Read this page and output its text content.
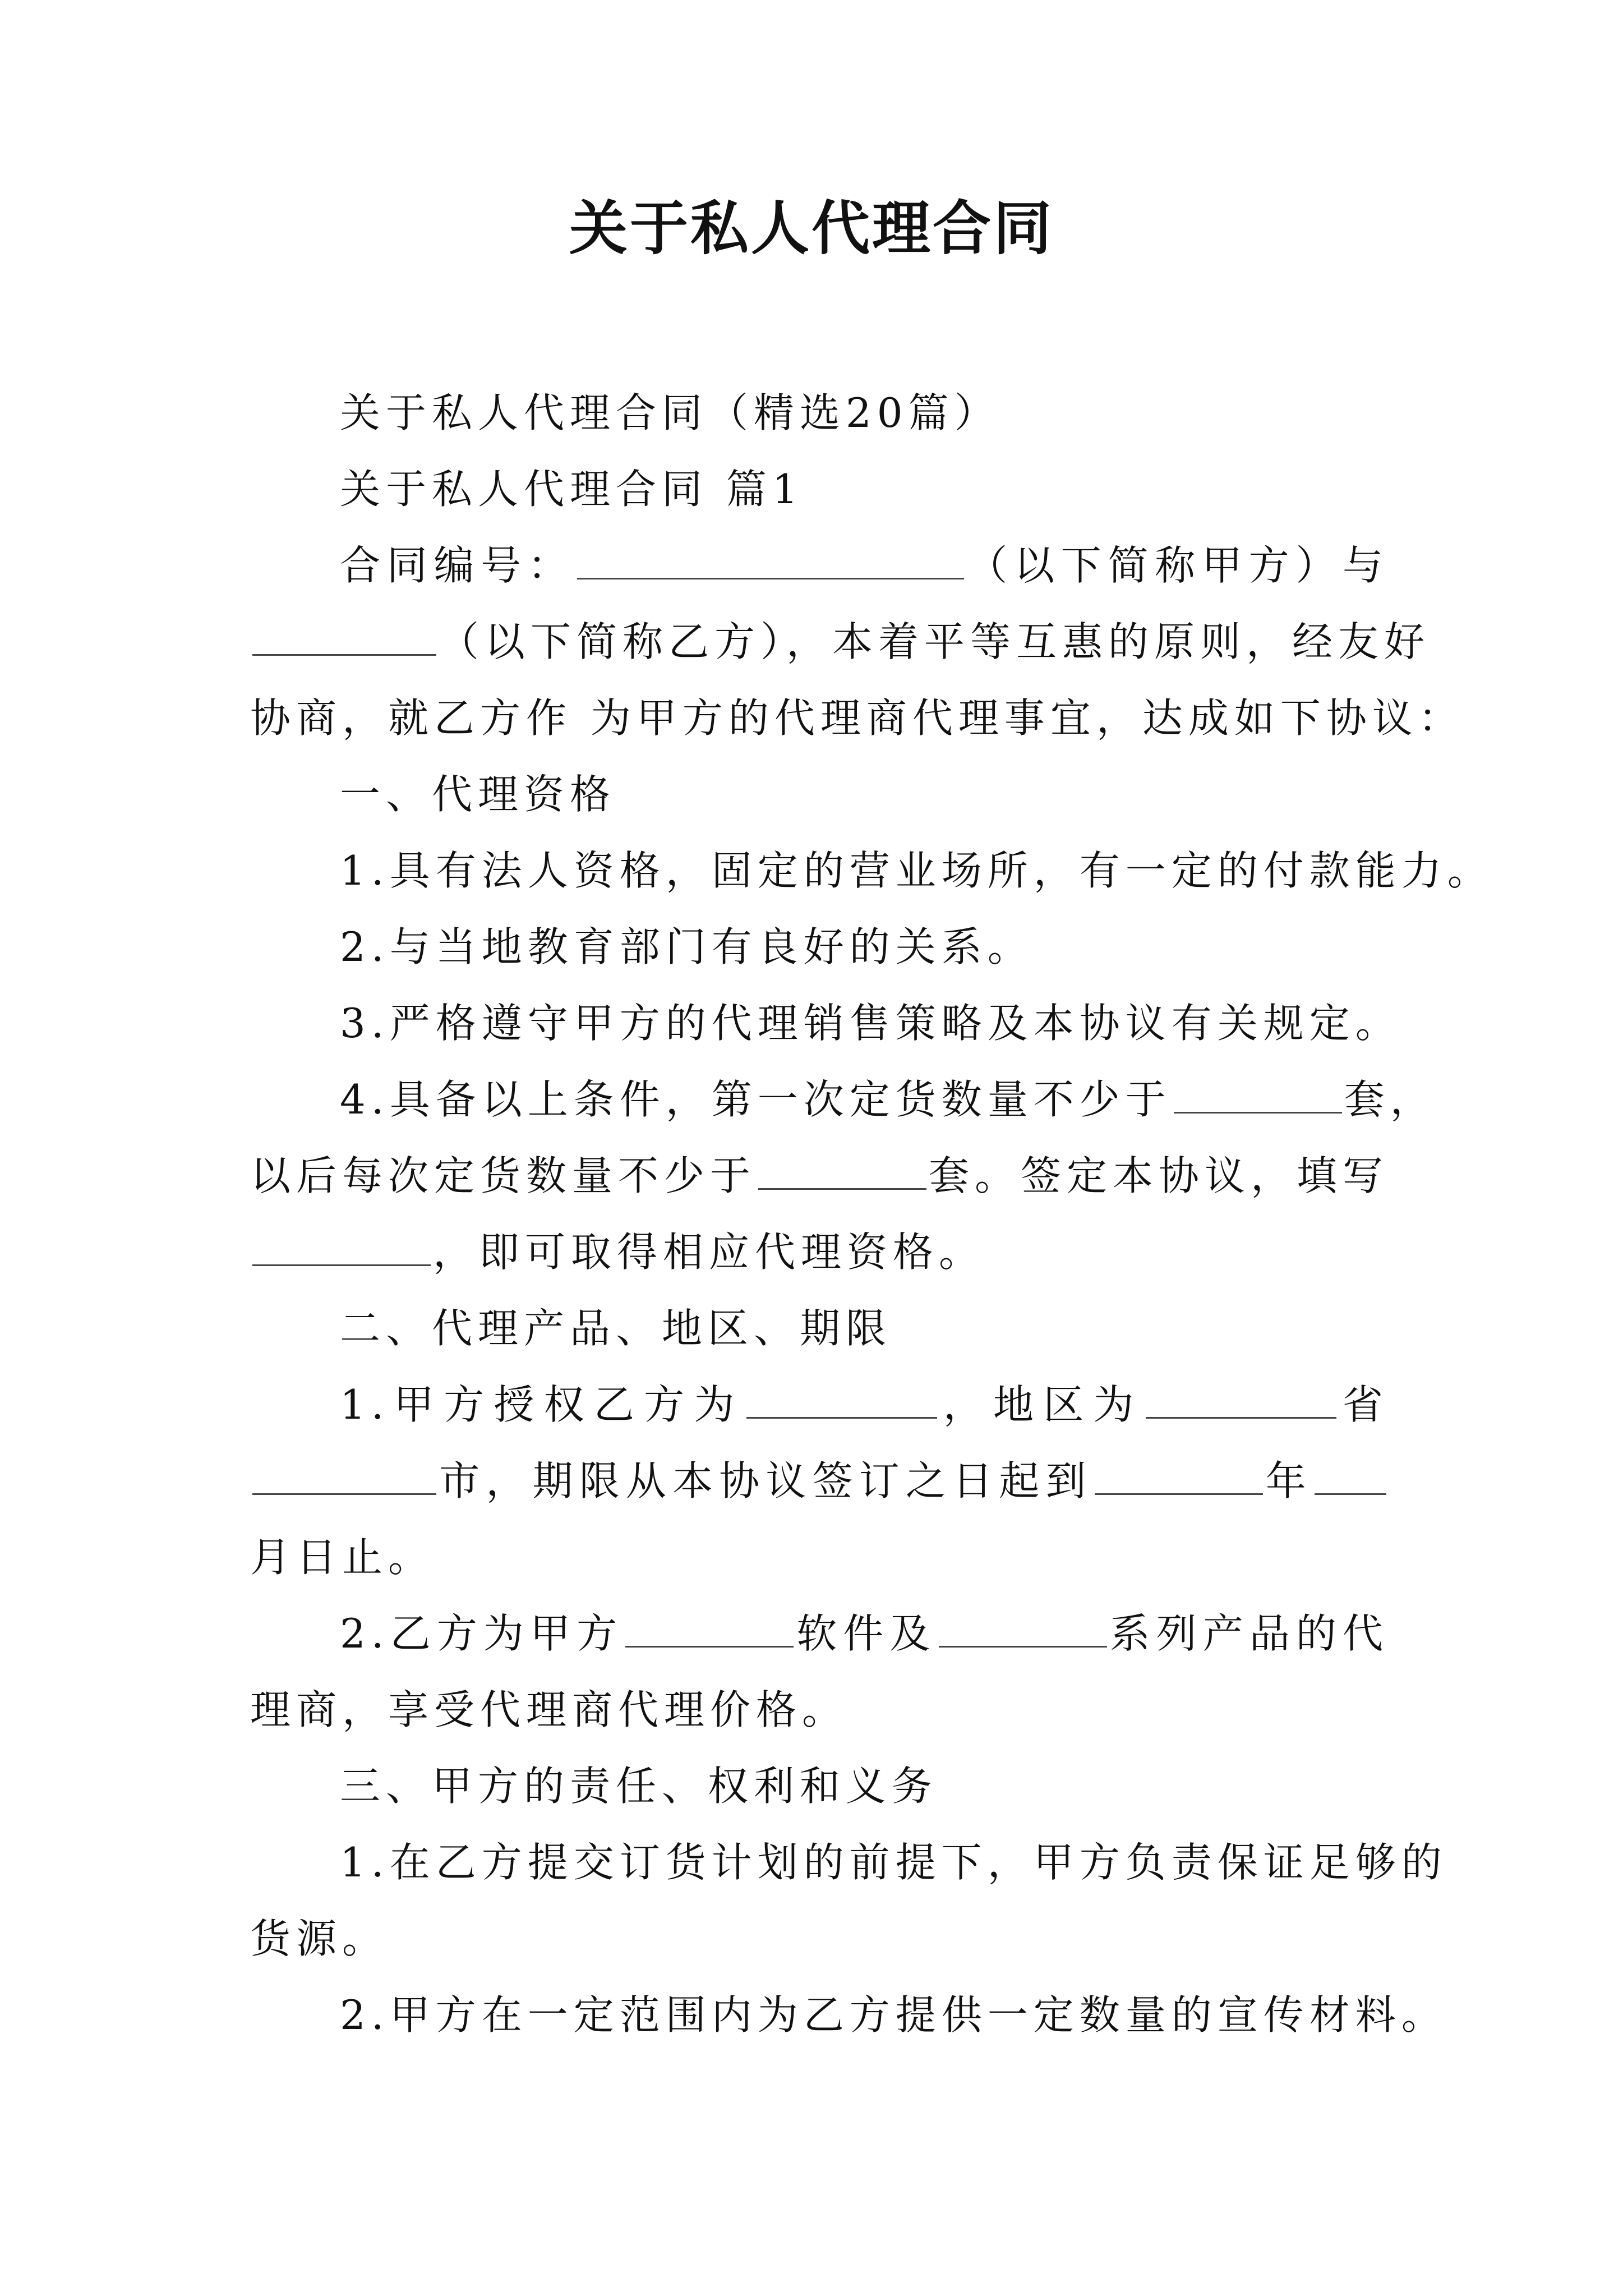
关于私人代理合同

关于私人代理合同（精选20篇）

关于私人代理合同 篇1

合同编号：	（以下简称甲方）与

（以下简称乙方），本着平等互惠的原则，经友好

协商，就乙方作 为甲方的代理商代理事宜，达成如下协议：

一、代理资格

1.具有法人资格，固定的营业场所，有一定的付款能力。

2.与当地教育部门有良好的关系。

3.严格遵守甲方的代理销售策略及本协议有关规定。

4.具备以上条件，第一次定货数量不少于	套，

以后每次定货数量不少于	套。签定本协议，填写

，即可取得相应代理资格。

二、代理产品、地区、期限

1.甲方授权乙方为	，地区为	省

市，期限从本协议签订之日起到	年

月日止。

2.乙方为甲方	软件及	系列产品的代

理商，享受代理商代理价格。

三、甲方的责任、权利和义务

1.在乙方提交订货计划的前提下，甲方负责保证足够的

货源。

2.甲方在一定范围内为乙方提供一定数量的宣传材料。
